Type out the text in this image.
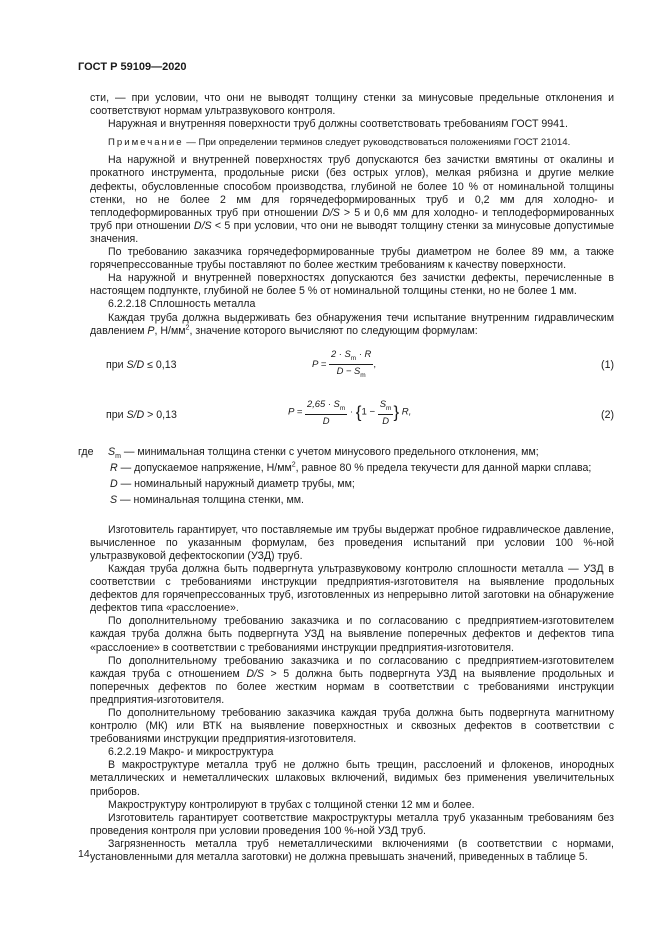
ГОСТ Р 59109—2020

сти, — при условии, что они не выводят толщину стенки за минусовые предельные отклонения и соответствуют нормам ультразвукового контроля.

Наружная и внутренняя поверхности труб должны соответствовать требованиям ГОСТ 9941.

Примечание — При определении терминов следует руководствоваться положениями ГОСТ 21014.

На наружной и внутренней поверхностях труб допускаются без зачистки вмятины от окалины и прокатного инструмента, продольные риски (без острых углов), мелкая рябизна и другие мелкие дефекты, обусловленные способом производства, глубиной не более 10 % от номинальной толщины стенки, но не более 2 мм для горячедеформированных труб и 0,2 мм для холодно- и теплодеформированных труб при отношении D/S > 5 и 0,6 мм для холодно- и теплодеформированных труб при отношении D/S < 5 при условии, что они не выводят толщину стенки за минусовые допустимые значения.

По требованию заказчика горячедеформированные трубы диаметром не более 89 мм, а также горячепрессованные трубы поставляют по более жестким требованиям к качеству поверхности.

На наружной и внутренней поверхностях допускаются без зачистки дефекты, перечисленные в настоящем подпункте, глубиной не более 5 % от номинальной толщины стенки, но не более 1 мм.

6.2.2.18 Сплошность металла

Каждая труба должна выдерживать без обнаружения течи испытание внутренним гидравлическим давлением P, $Н/мм^2$, значение которого вычисляют по следующим формулам:

при S/D ≤ 0,13	$P = \frac{2 \cdot S_m \cdot R}{D - S_m}$ ,	(1)
при S/D > 0,13	$P = \frac{2,65 \cdot S_m}{D} \cdot \{1 - \frac{S_m}{D}$ } R,	(2)
где $S_m$ — минимальная толщина стенки с учетом минусового предельного отклонения, мм;
R — допускаемое напряжение, $Н/мм^2$, равное 80 % предела текучести для данной марки сплава;
D — номинальный наружный диаметр трубы, мм;
S — номинальная толщина стенки, мм.

Изготовитель гарантирует, что поставляемые им трубы выдержат пробное гидравлическое давление, вычисленное по указанным формулам, без проведения испытаний при условии 100 %-ной ультразвуковой дефектоскопии (УЗД) труб.

Каждая труба должна быть подвергнута ультразвуковому контролю сплошности металла — УЗД в соответствии с требованиями инструкции предприятия-изготовителя на выявление продольных дефектов для горячепрессованных труб, изготовленных из непрерывно литой заготовки на обнаружение дефектов типа «расслоение».

По дополнительному требованию заказчика и по согласованию с предприятием-изготовителем каждая труба должна быть подвергнута УЗД на выявление поперечных дефектов и дефектов типа «расслоение» в соответствии с требованиями инструкции предприятия-изготовителя.

По дополнительному требованию заказчика и по согласованию с предприятием-изготовителем каждая труба с отношением D/S > 5 должна быть подвергнута УЗД на выявление продольных и поперечных дефектов по более жестким нормам в соответствии с требованиями инструкции предприятия-изготовителя.

По дополнительному требованию заказчика каждая труба должна быть подвергнута магнитному контролю (МК) или ВТК на выявление поверхностных и сквозных дефектов в соответствии с требованиями инструкции предприятия-изготовителя.

6.2.2.19 Макро- и микроструктура

В макроструктуре металла труб не должно быть трещин, расслоений и флокенов, инородных металлических и неметаллических шлаковых включений, видимых без применения увеличительных приборов.

Макроструктуру контролируют в трубах с толщиной стенки 12 мм и более.

Изготовитель гарантирует соответствие макроструктуры металла труб указанным требованиям без проведения контроля при условии проведения 100 %-ной УЗД труб.

Загрязненность металла труб неметаллическими включениями (в соответствии с нормами, установленными для металла заготовки) не должна превышать значений, приведенных в таблице 5.

14
